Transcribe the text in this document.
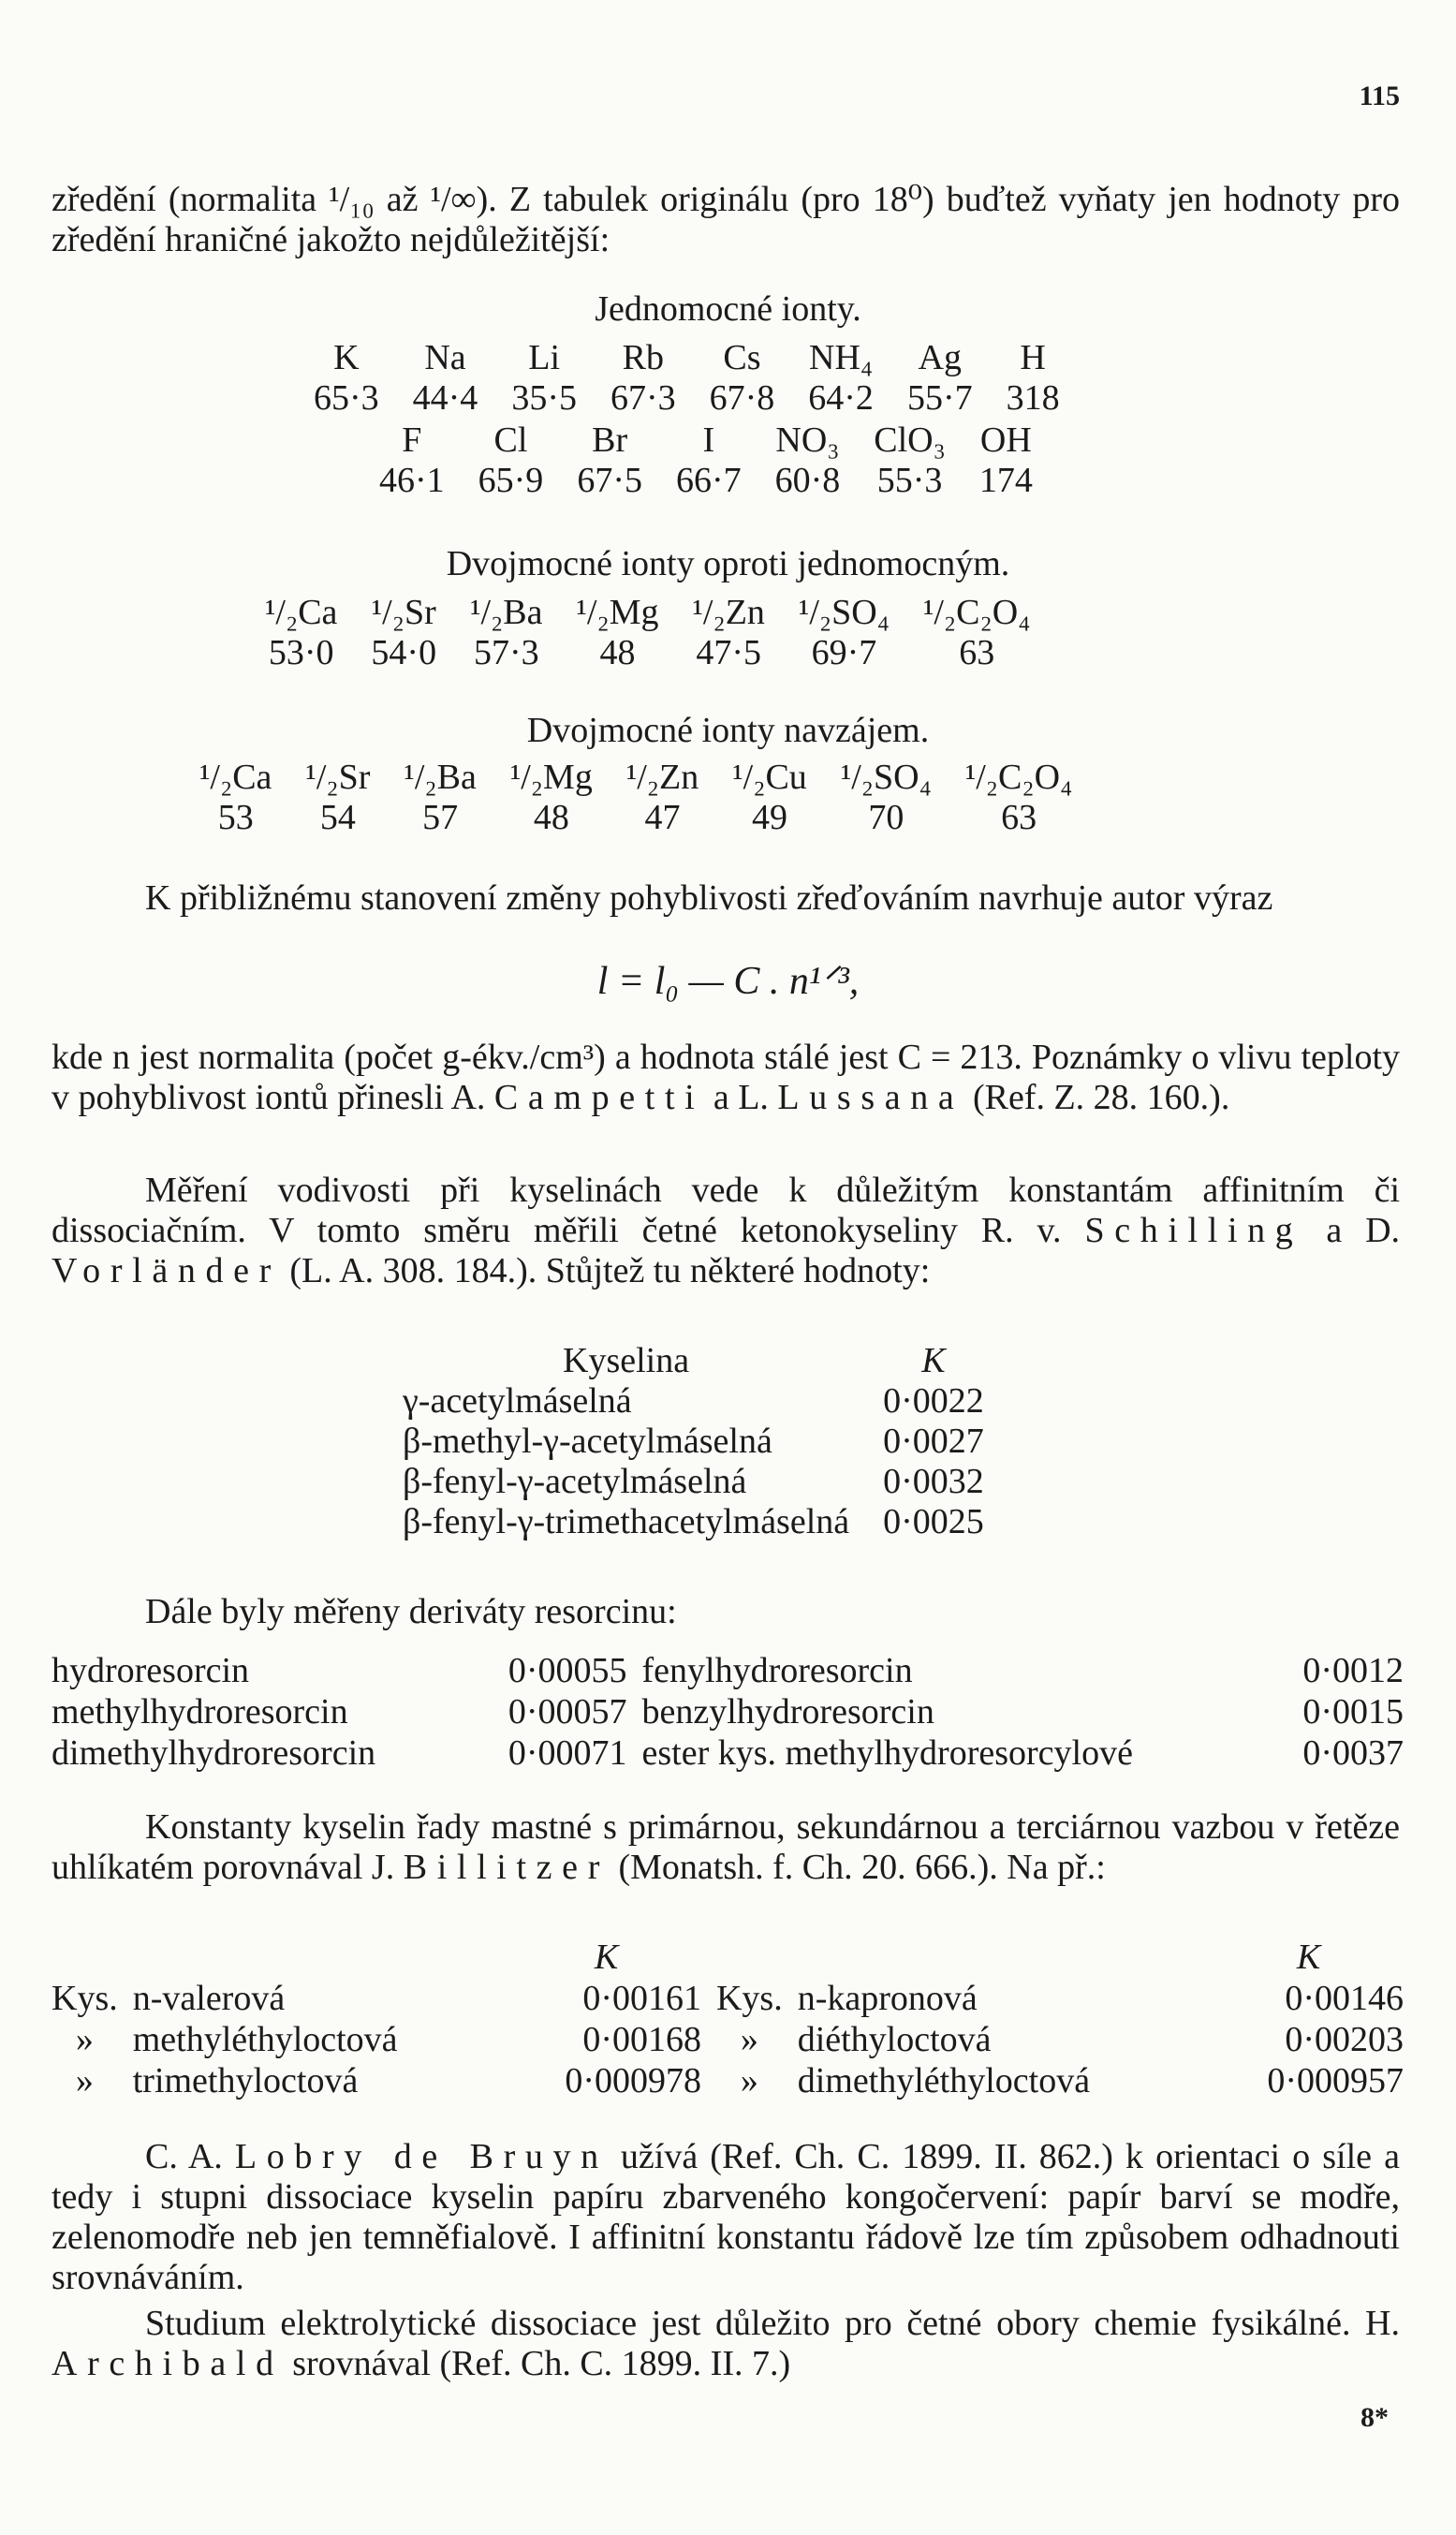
115
zředění (normalita ¹/₁₀ až ¹/∞). Z tabulek originálu (pro 18⁰) buďtež vyňaty jen hodnoty pro zředění hraničné jakožto nejdůležitější:
Jednomocné ionty.
K	Na	Li	Rb	Cs	NH₄	Ag	H
65·3	44·4	35·5	67·3	67·8	64·2	55·7	318
F	Cl	Br	I	NO₃	ClO₃	OH
46·1	65·9	67·5	66·7	60·8	55·3	174
Dvojmocné ionty oproti jednomocným.
¹/₂Ca	¹/₂Sr	¹/₂Ba	¹/₂Mg	¹/₂Zn	¹/₂SO₄	¹/₂C₂O₄
53·0	54·0	57·3	48	47·5	69·7	63
Dvojmocné ionty navzájem.
¹/₂Ca	¹/₂Sr	¹/₂Ba	¹/₂Mg	¹/₂Zn	¹/₂Cu	¹/₂SO₄	¹/₂C₂O₄
53	54	57	48	47	49	70	63
K přibližnému stanovení změny pohyblivosti zřeďováním navrhuje autor výraz
l = l₀ — C . n¹ᐟ³,
kde n jest normalita (počet g-ékv./cm³) a hodnota stálé jest C = 213. Poznámky o vlivu teploty v pohyblivost iontů přinesli A. Campetti a L. Lussana (Ref. Z. 28. 160.).
Měření vodivosti při kyselinách vede k důležitým konstantám affinitním či dissociačním. V tomto směru měřili četné ketonokyseliny R. v. Schilling a D. Vorländer (L. A. 308. 184.). Stůjtež tu některé hodnoty:
Kyselina	K
γ-acetylmáselná	0·0022
β-methyl-γ-acetylmáselná	0·0027
β-fenyl-γ-acetylmáselná	0·0032
β-fenyl-γ-trimethacetylmáselná	0·0025
Dále byly měřeny deriváty resorcinu:
hydroresorcin	0·00055	fenylhydroresorcin	0·0012
methylhydroresorcin	0·00057	benzylhydroresorcin	0·0015
dimethylhydroresorcin	0·00071	ester kys. methylhydroresorcylové	0·0037
Konstanty kyselin řady mastné s primárnou, sekundárnou a terciárnou vazbou v řetěze uhlíkatém porovnával J. Billitzer (Monatsh. f. Ch. 20. 666.). Na př.:
		K			K
Kys.	n-valerová	0·00161	Kys.	n-kapronová	0·00146
»	methyléthyloctová	0·00168	»	diéthyloctová	0·00203
»	trimethyloctová	0·000978	»	dimethyléthyloctová	0·000957
C. A. Lobry de Bruyn užívá (Ref. Ch. C. 1899. II. 862.) k orientaci o síle a tedy i stupni dissociace kyselin papíru zbarveného kongočervení: papír barví se modře, zelenomodře neb jen temněfialově. I affinitní konstantu řádově lze tím způsobem odhadnouti srovnáváním.
Studium elektrolytické dissociace jest důležito pro četné obory chemie fysikálné. H. Archibald srovnával (Ref. Ch. C. 1899. II. 7.)
8*
